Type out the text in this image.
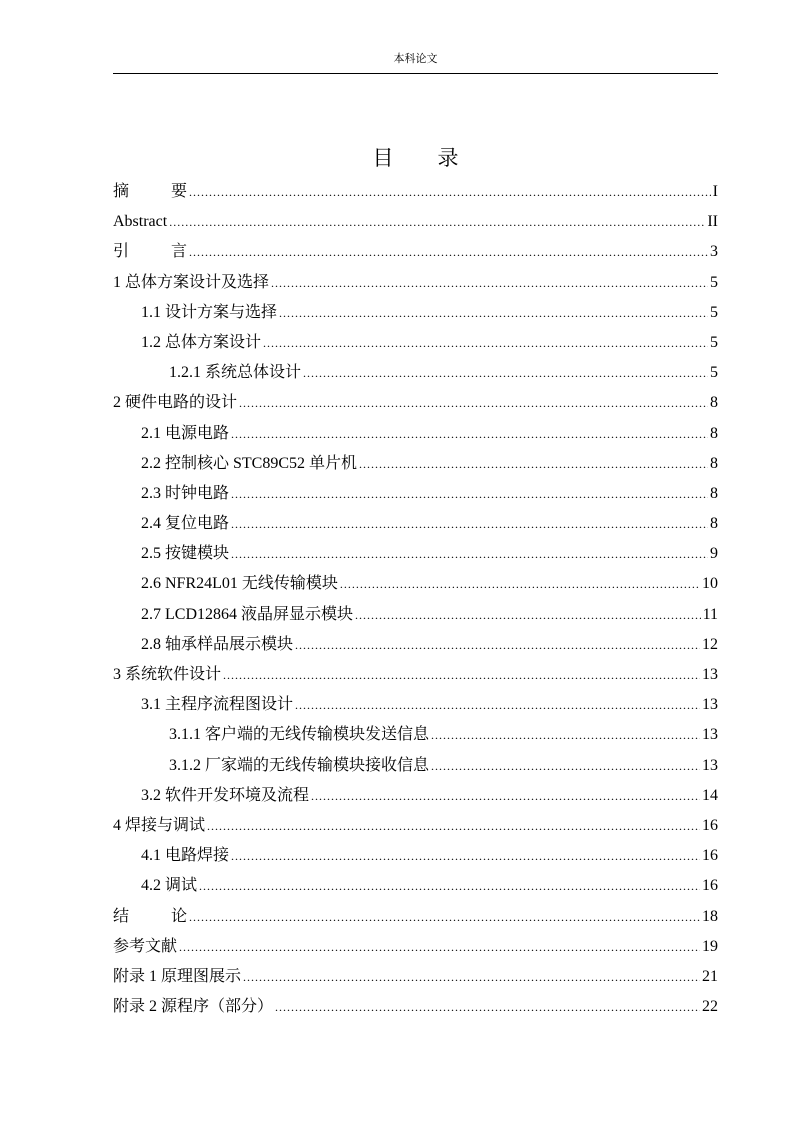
本科论文
目 录
摘	要 .....	I
Abstract .....	II
引	言 .....	3
1 总体方案设计及选择 .....	5
1.1 设计方案与选择 .....	5
1.2 总体方案设计 .....	5
1.2.1 系统总体设计 .....	5
2 硬件电路的设计 .....	8
2.1 电源电路 .....	8
2.2 控制核心 STC89C52 单片机 .....	8
2.3 时钟电路 .....	8
2.4 复位电路 .....	8
2.5 按键模块 .....	9
2.6 NFR24L01 无线传输模块 .....	10
2.7 LCD12864 液晶屏显示模块 .....	11
2.8 轴承样品展示模块 .....	12
3 系统软件设计 .....	13
3.1 主程序流程图设计 .....	13
3.1.1 客户端的无线传输模块发送信息 .....	13
3.1.2 厂家端的无线传输模块接收信息 .....	13
3.2 软件开发环境及流程 .....	14
4 焊接与调试 .....	16
4.1 电路焊接 .....	16
4.2 调试 .....	16
结	论 .....	18
参考文献 .....	19
附录 1 原理图展示 .....	21
附录 2 源程序（部分） .....	22
